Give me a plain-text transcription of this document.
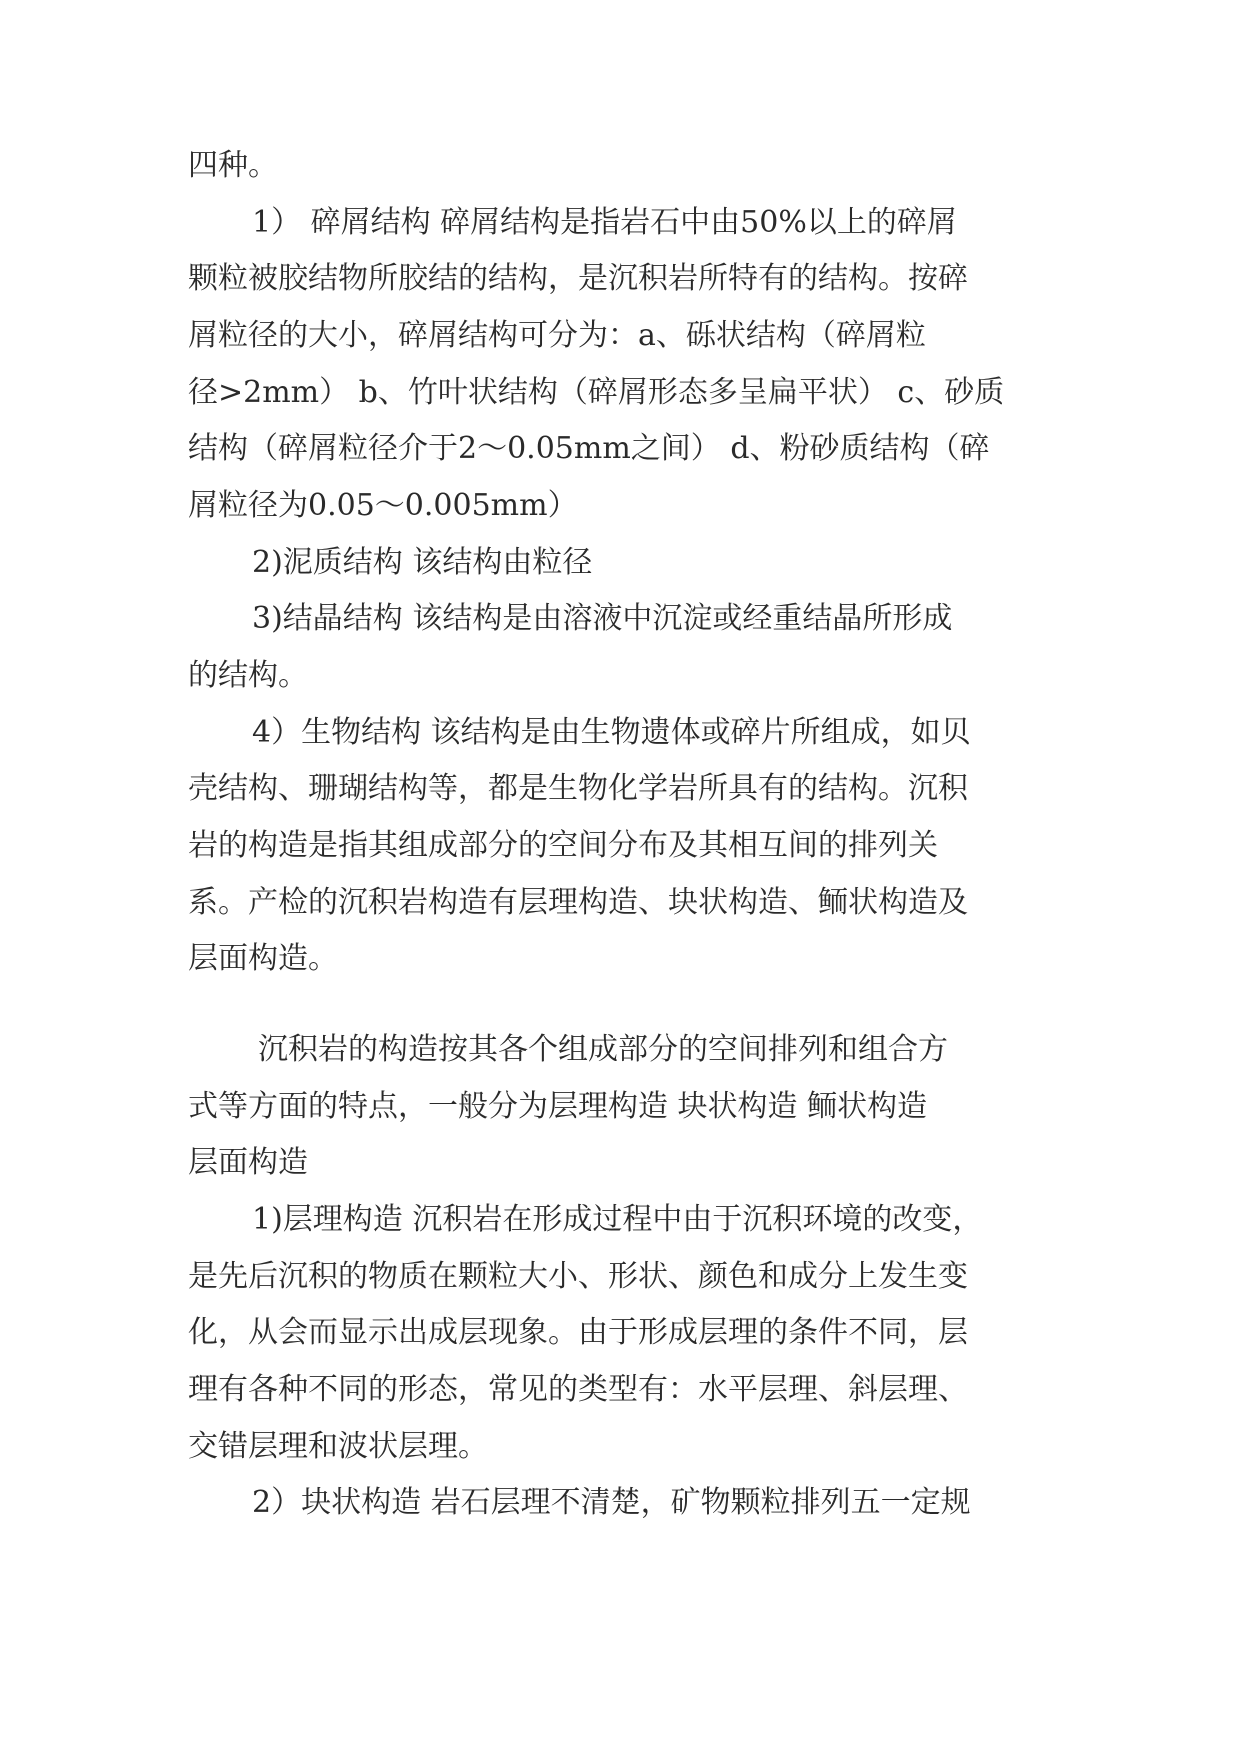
四种。
1） 碎屑结构 碎屑结构是指岩石中由50%以上的碎屑
颗粒被胶结物所胶结的结构，是沉积岩所特有的结构。按碎
屑粒径的大小，碎屑结构可分为：a、砾状结构（碎屑粒
径>2mm） b、竹叶状结构（碎屑形态多呈扁平状） c、砂质
结构（碎屑粒径介于2～0.05mm之间） d、粉砂质结构（碎
屑粒径为0.05～0.005mm）
2)泥质结构 该结构由粒径
3)结晶结构 该结构是由溶液中沉淀或经重结晶所形成
的结构。
4）生物结构 该结构是由生物遗体或碎片所组成，如贝
壳结构、珊瑚结构等，都是生物化学岩所具有的结构。沉积
岩的构造是指其组成部分的空间分布及其相互间的排列关
系。产检的沉积岩构造有层理构造、块状构造、鲕状构造及
层面构造。
沉积岩的构造按其各个组成部分的空间排列和组合方
式等方面的特点，一般分为层理构造 块状构造 鲕状构造
层面构造
1)层理构造 沉积岩在形成过程中由于沉积环境的改变，
是先后沉积的物质在颗粒大小、形状、颜色和成分上发生变
化，从会而显示出成层现象。由于形成层理的条件不同，层
理有各种不同的形态，常见的类型有：水平层理、斜层理、
交错层理和波状层理。
2）块状构造 岩石层理不清楚，矿物颗粒排列五一定规
